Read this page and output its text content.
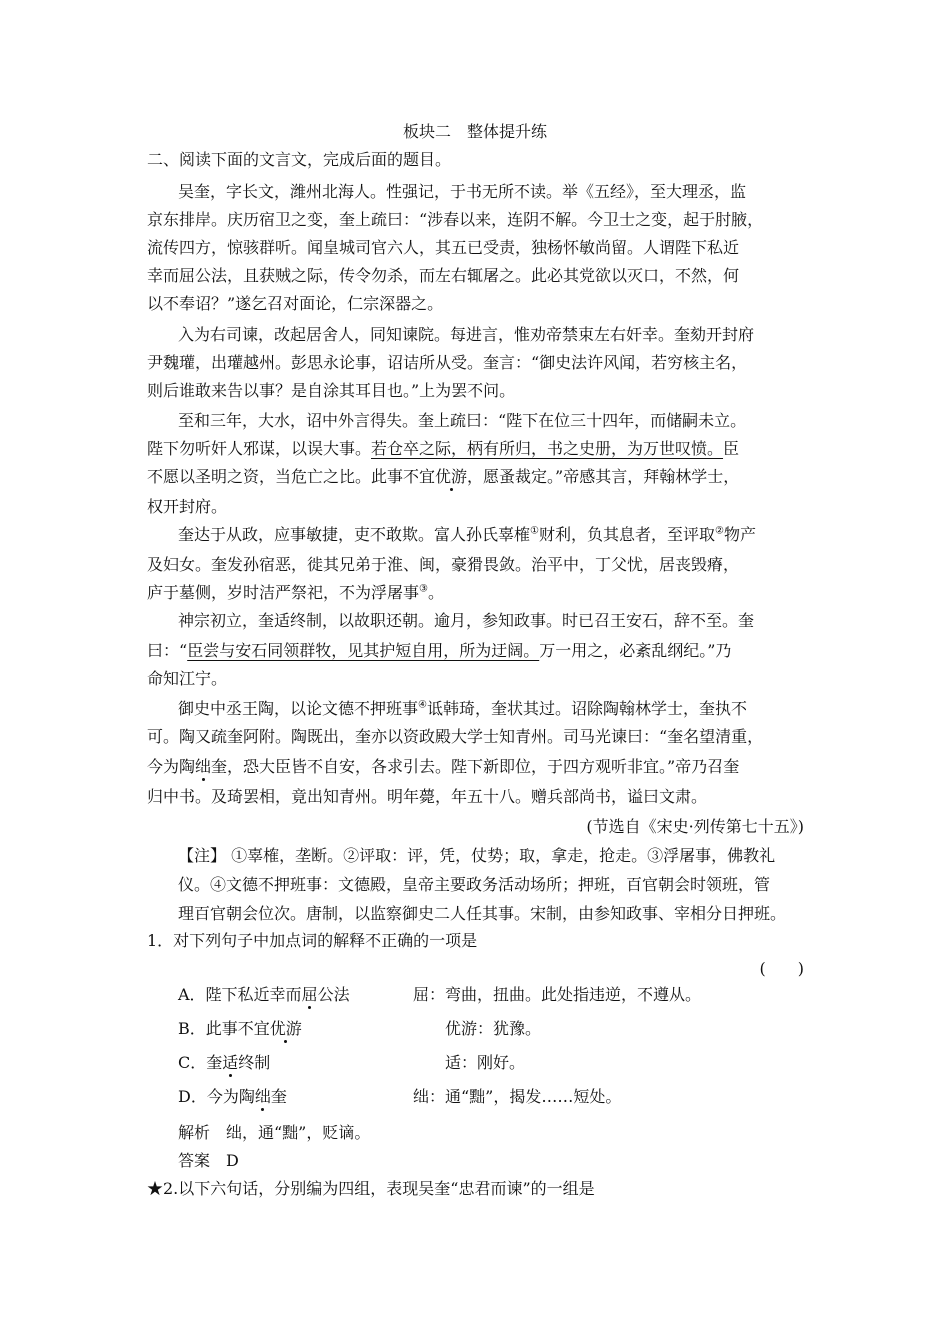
板块二　整体提升练
二、阅读下面的文言文，完成后面的题目。
吴奎，字长文，潍州北海人。性强记，于书无所不读。举《五经》，至大理丞，监
京东排岸。庆历宿卫之变，奎上疏曰：“涉春以来，连阴不解。今卫士之变，起于肘腋，
流传四方，惊骇群听。闻皇城司官六人，其五已受责，独杨怀敏尚留。人谓陛下私近
幸而屈公法，且获贼之际，传令勿杀，而左右辄屠之。此必其党欲以灭口，不然，何
以不奉诏？”遂乞召对面论，仁宗深器之。
入为右司谏，改起居舍人，同知谏院。每进言，惟劝帝禁束左右奸幸。奎劾开封府
尹魏瓘，出瓘越州。彭思永论事，诏诘所从受。奎言：“御史法许风闻，若穷核主名，
则后谁敢来告以事？是自涂其耳目也。”上为罢不问。
至和三年，大水，诏中外言得失。奎上疏曰：“陛下在位三十四年，而储嗣未立。
陛下勿听奸人邪谋，以误大事。若仓卒之际，柄有所归，书之史册，为万世叹愤。臣
不愿以圣明之资，当危亡之比。此事不宜优游，愿蚤裁定。”帝感其言，拜翰林学士，
权开封府。
奎达于从政，应事敏捷，吏不敢欺。富人孙氏辜榷①财利，负其息者，至评取②物产
及妇女。奎发孙宿恶，徙其兄弟于淮、闽，豪猾畏敛。治平中，丁父忧，居丧毁瘠，
庐于墓侧，岁时洁严祭祀，不为浮屠事③。
神宗初立，奎适终制，以故职还朝。逾月，参知政事。时已召王安石，辞不至。奎
曰：“臣尝与安石同领群牧，见其护短自用，所为迂阔。万一用之，必紊乱纲纪。”乃
命知江宁。
御史中丞王陶，以论文德不押班事④诋韩琦，奎状其过。诏除陶翰林学士，奎执不
可。陶又疏奎阿附。陶既出，奎亦以资政殿大学士知青州。司马光谏曰：“奎名望清重，
今为陶绌奎，恐大臣皆不自安，各求引去。陛下新即位，于四方观听非宜。”帝乃召奎
归中书。及琦罢相，竟出知青州。明年薨，年五十八。赠兵部尚书，谥曰文肃。
(节选自《宋史·列传第七十五》)
【注】 ①辜榷，垄断。②评取：评，凭，仗势；取，拿走，抢走。③浮屠事，佛教礼
仪。④文德不押班事：文德殿，皇帝主要政务活动场所；押班，百官朝会时领班，管
理百官朝会位次。唐制，以监察御史二人任其事。宋制，由参知政事、宰相分日押班。
1．对下列句子中加点词的解释不正确的一项是
(　　)
A．陛下私近幸而屈公法	屈：弯曲，扭曲。此处指违逆，不遵从。
B．此事不宜优游	优游：犹豫。
C．奎适终制	适：刚好。
D．今为陶绌奎	绌：通“黜”，揭发……短处。
解析　绌，通“黜”，贬谪。
答案　D
★2.以下六句话，分别编为四组，表现吴奎“忠君而谏”的一组是
